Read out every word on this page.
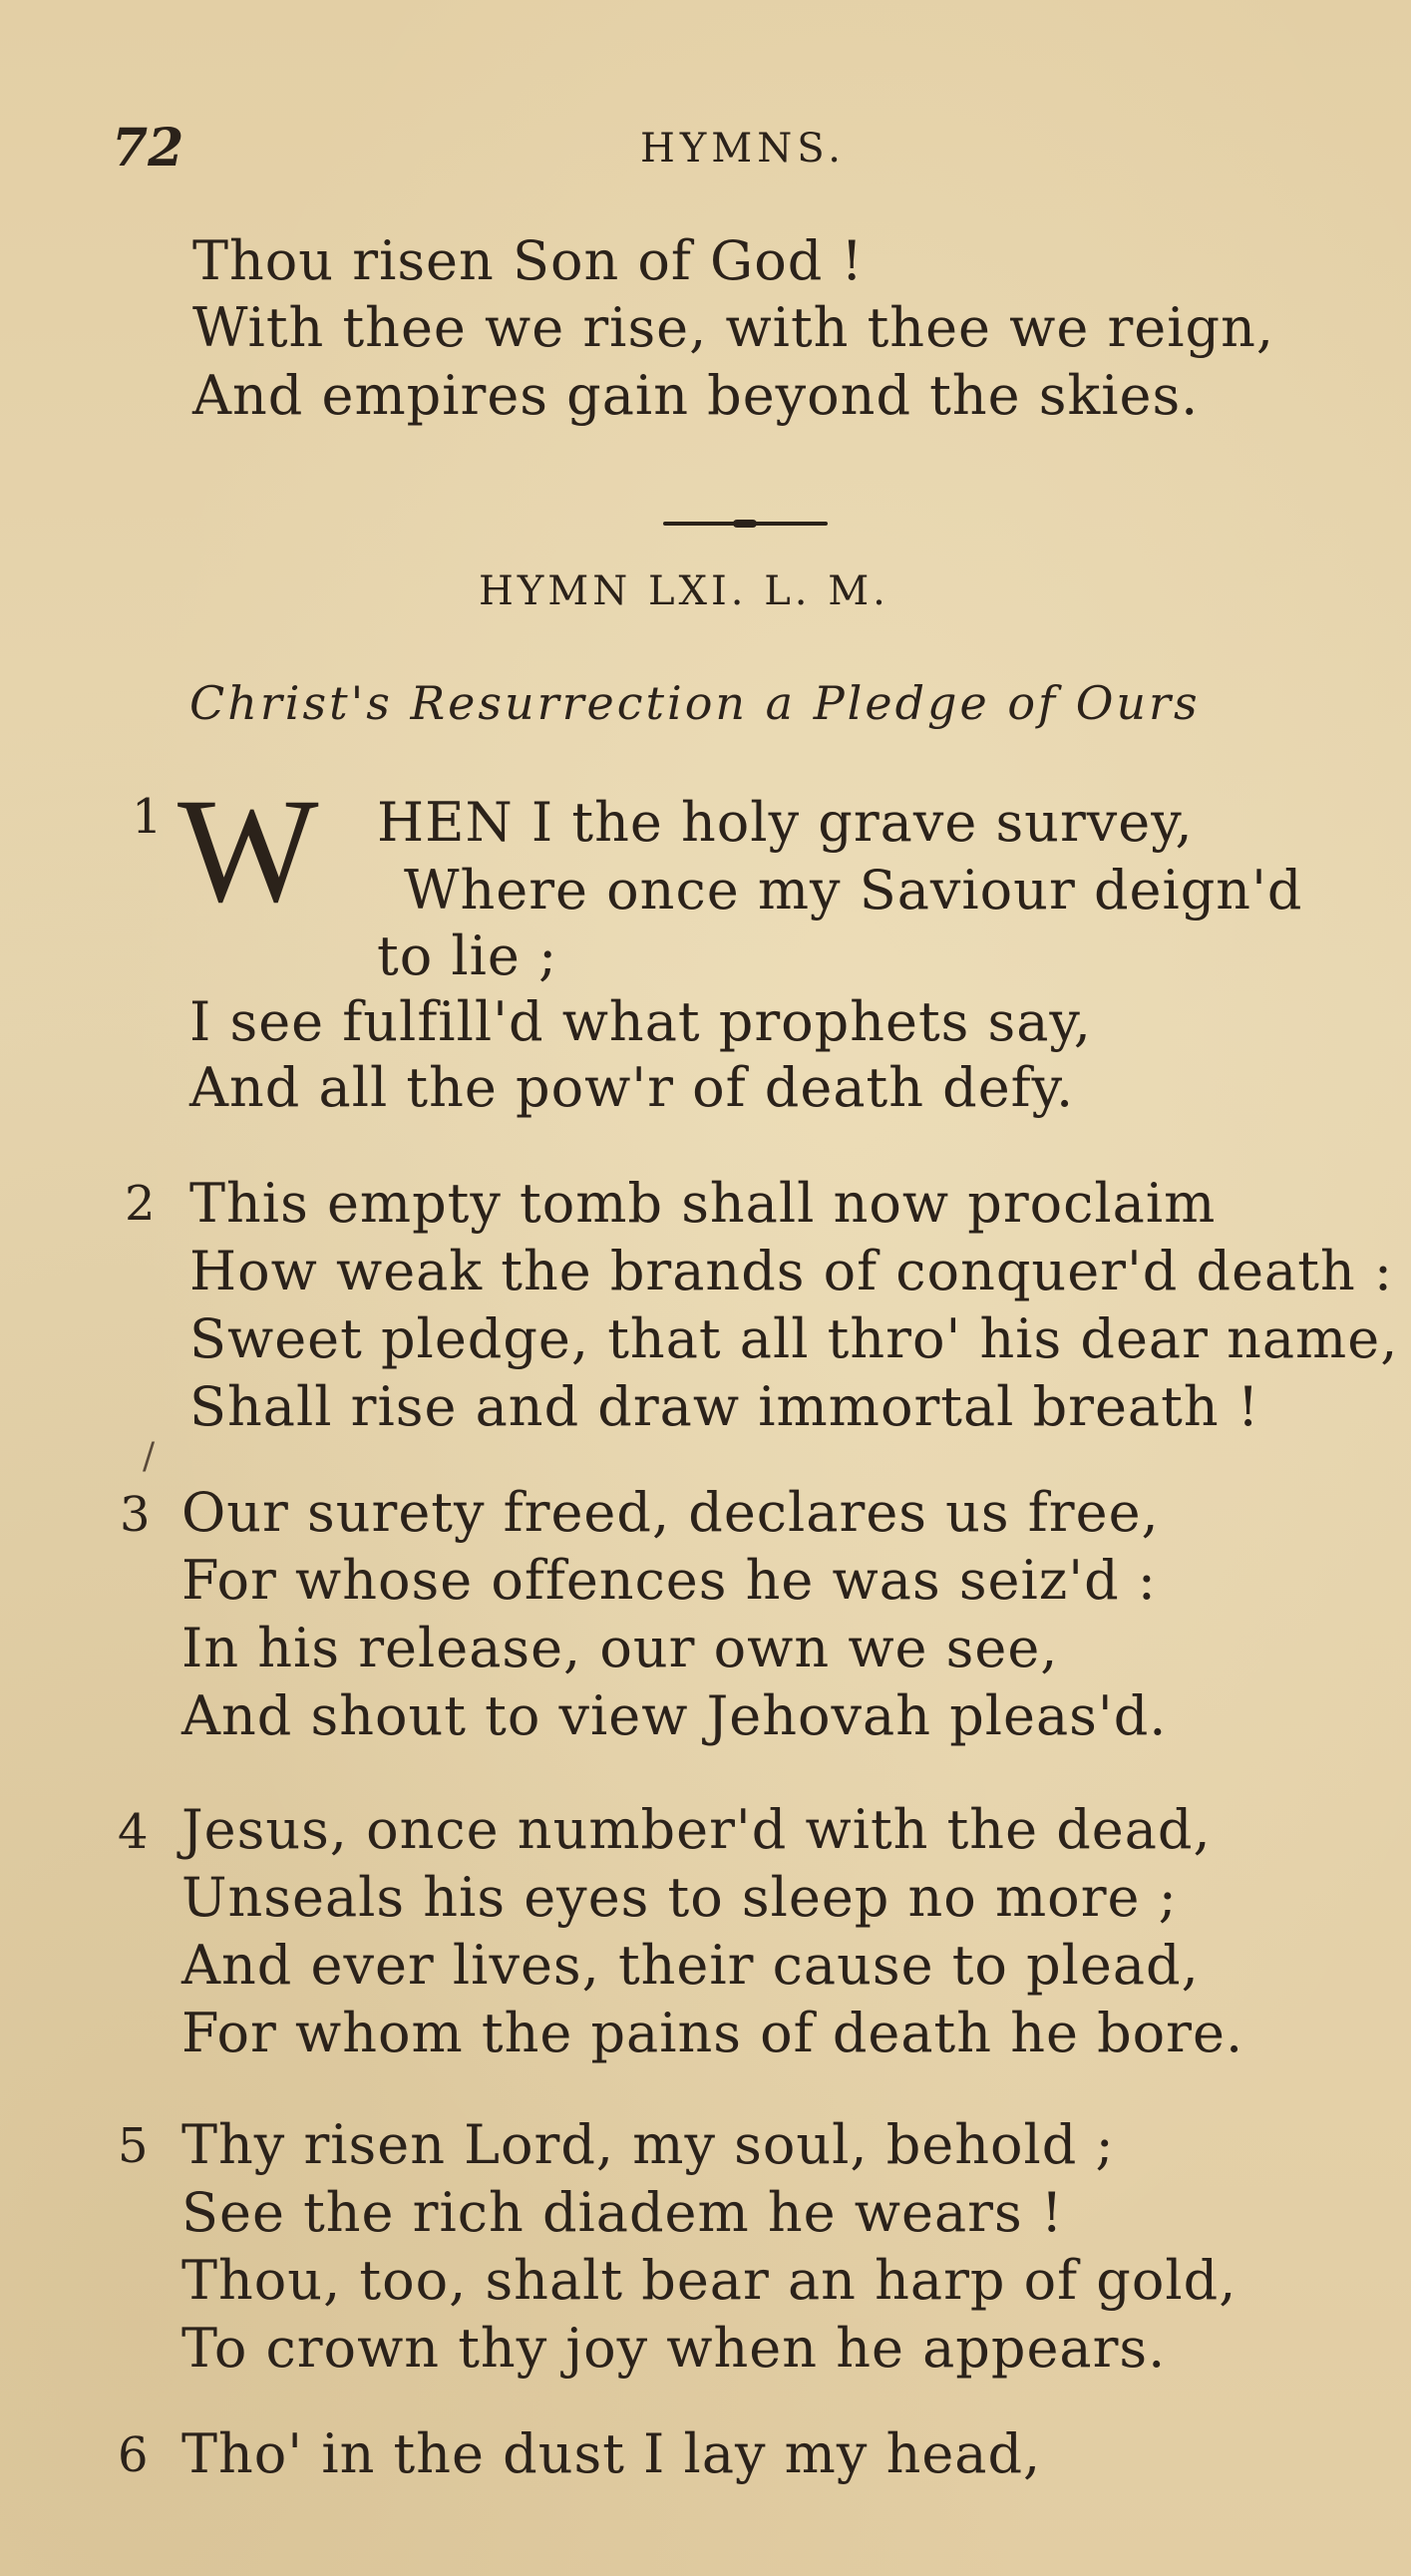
72	HYMNS.
Thou risen Son of God !
With thee we rise, with thee we reign,
And empires gain beyond the skies.
HYMN LXI. L. M.
Christ's Resurrection a Pledge of Ours
1 W HEN I the holy grave survey,
Where once my Saviour deign'd
to lie ;
I see fulfill'd what prophets say,
And all the pow'r of death defy.
2 This empty tomb shall now proclaim
How weak the brands of conquer'd death :
Sweet pledge, that all thro' his dear name,
Shall rise and draw immortal breath !
/
3 Our surety freed, declares us free,
For whose offences he was seiz'd :
In his release, our own we see,
And shout to view Jehovah pleas'd.
4 Jesus, once number'd with the dead,
Unseals his eyes to sleep no more ;
And ever lives, their cause to plead,
For whom the pains of death he bore.
5 Thy risen Lord, my soul, behold ;
See the rich diadem he wears !
Thou, too, shalt bear an harp of gold,
To crown thy joy when he appears.
6 Tho' in the dust I lay my head,
